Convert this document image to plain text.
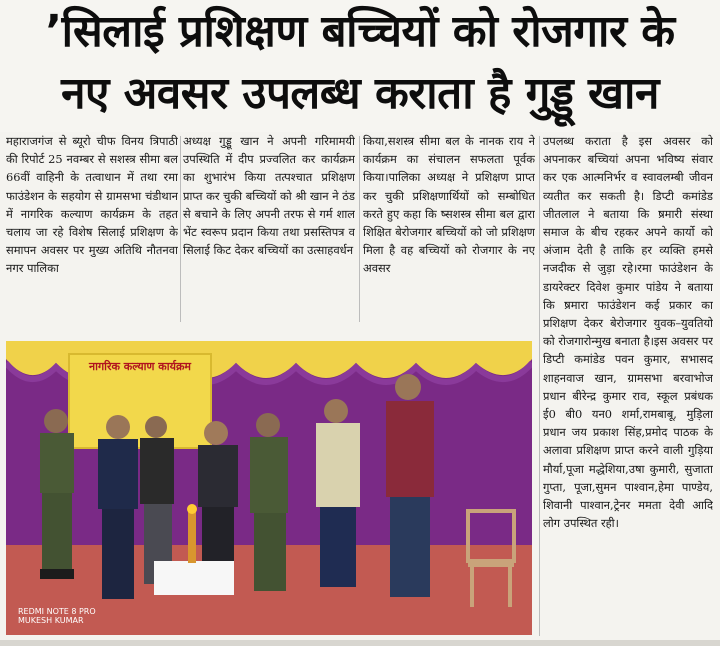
’सिलाई प्रशिक्षण बच्चियों को रोजगार के
नए अवसर उपलब्ध कराता है गुड्डू खान
महाराजगंज से ब्यूरो चीफ विनय त्रिपाठी की रिपोर्ट 25 नवम्बर से सशस्त्र सीमा बल 66वीं वाहिनी के तत्वाधान में तथा रमा फाउंडेशन के सहयोग से ग्रामसभा चंडीथान में नागरिक कल्याण कार्यक्रम के तहत चलाय जा रहे विशेष सिलाई प्रशिक्षण के समापन अवसर पर मुख्य अतिथि नौतनवा नगर पालिका
अध्यक्ष गुड्डू खान ने अपनी गरिमामयी उपस्थिति में दीप प्रज्वलित कर कार्यक्रम का शुभारंभ किया तत्पश्चात प्रशिक्षण प्राप्त कर चुकी बच्चियों को श्री खान ने ठंड से बचाने के लिए अपनी तरफ से गर्म शाल भेंट स्वरूप प्रदान किया तथा प्रसस्तिपत्र व सिलाई किट देकर बच्चियों का उत्साहवर्धन
किया,सशस्त्र सीमा बल के नानक राय ने कार्यक्रम का संचालन सफलता पूर्वक किया।पालिका अध्यक्ष ने प्रशिक्षण प्राप्त कर चुकी प्रशिक्षणार्थियों को सम्बोधित करते हुए कहा कि ष्सशस्त्र सीमा बल द्वारा शिक्षित बेरोजगार बच्चियों को जो प्रशिक्षण मिला है वह बच्चियों को रोजगार के नए अवसर
उपलब्ध कराता है इस अवसर को अपनाकर बच्चियां अपना भविष्य संवार कर एक आत्मनिर्भर व स्वावलम्बी जीवन व्यतीत कर सकती है। डिप्टी कमांडेड जीतलाल ने बताया कि ष्रमारी संस्था समाज के बीच रहकर अपने कार्यो को अंजाम देती है ताकि हर व्यक्ति हमसे नजदीक से जुड़ा रहे।रमा फाउंडेशन के डायरेक्टर दिवेश कुमार पांडेय ने बताया कि ष्रमारा फाउंडेशन कई प्रकार का प्रशिक्षण देकर बेरोजगार युवक–युवतियो को रोजगारोन्मुख बनाता है।इस अवसर पर डिप्टी कमांडेड पवन कुमार, सभासद शाहनवाज खान, ग्रामसभा बरवाभोज प्रधान बीरेन्द्र कुमार राव, स्कूल प्रबंधक ई0 बी0 यन0 शर्मा,रामबाबू, मुड़िला प्रधान जय प्रकाश सिंह,प्रमोद पाठक के अलावा प्रशिक्षण प्राप्त करने वाली गुड़िया मौर्या,पूजा मद्धेशिया,उषा कुमारी, सुजाता गुप्ता, पूजा,सुमन पाश्वान,हेमा पाण्डेय, शिवानी पाश्वान,ट्रेनर ममता देवी आदि लोग उपस्थित रही।
नागरिक कल्याण कार्यक्रम
REDMI NOTE 8 PRO
MUKESH KUMAR
